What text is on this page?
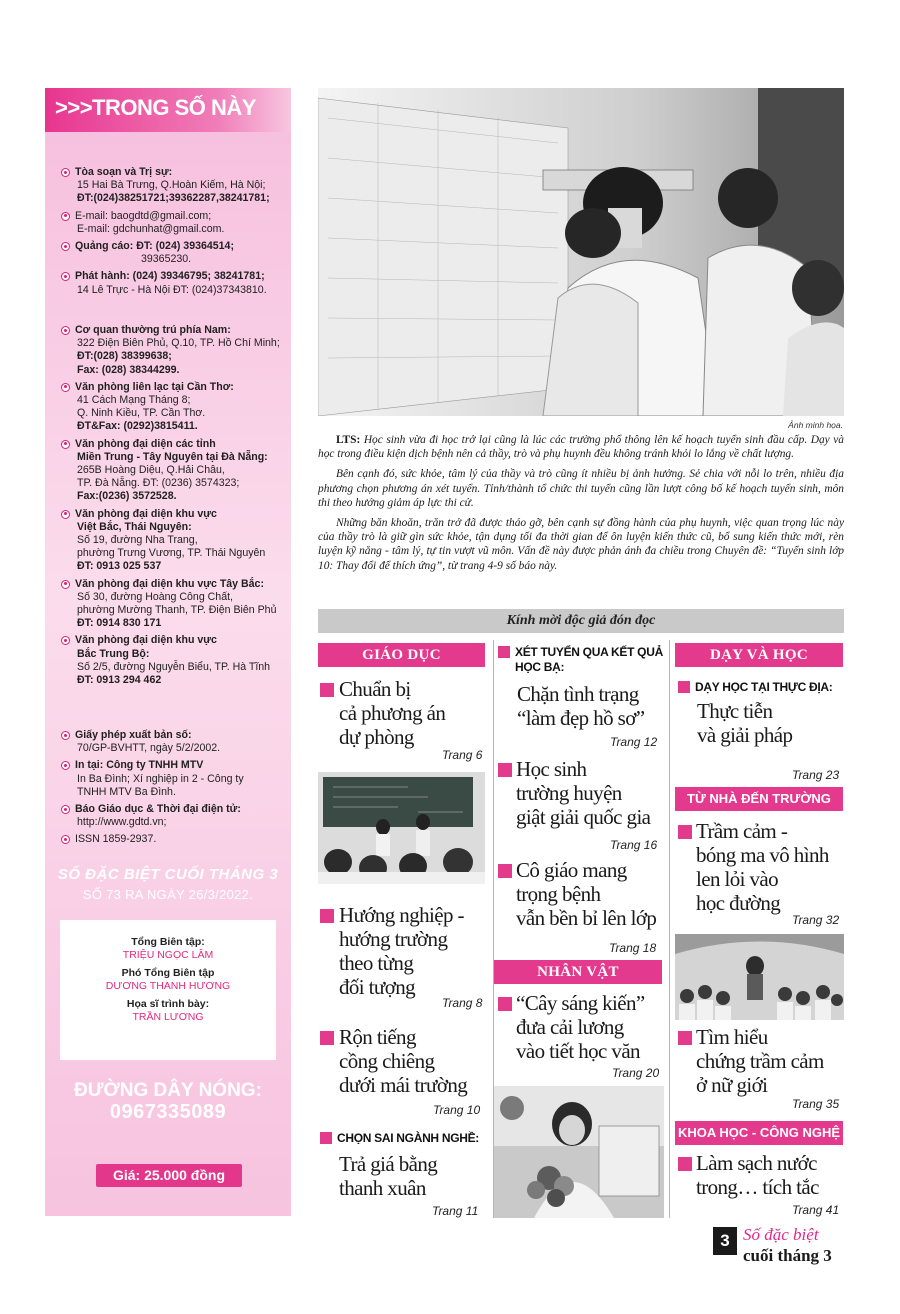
>>>TRONG SỐ NÀY
Tòa soạn và Trị sự:
15 Hai Bà Trưng, Q.Hoàn Kiếm, Hà Nội;
ĐT:(024)38251721;39362287,38241781;
E-mail: baogdtd@gmail.com;
E-mail: gdchunhat@gmail.com.
Quảng cáo: ĐT: (024) 39364514;
39365230.
Phát hành: (024) 39346795; 38241781;
14 Lê Trực - Hà Nội ĐT: (024)37343810.
Cơ quan thường trú phía Nam:
322 Điện Biên Phủ, Q.10, TP. Hồ Chí Minh;
ĐT:(028) 38399638;
Fax: (028) 38344299.
Văn phòng liên lạc tại Cần Thơ:
41 Cách Mạng Tháng 8;
Q. Ninh Kiều, TP. Cần Thơ.
ĐT&Fax: (0292)3815411.
Văn phòng đại diện các tỉnh
Miền Trung - Tây Nguyên tại Đà Nẵng:
265B Hoàng Diệu, Q.Hải Châu,
TP. Đà Nẵng. ĐT: (0236) 3574323;
Fax:(0236) 3572528.
Văn phòng đại diện khu vực
Việt Bắc, Thái Nguyên:
Số 19, đường Nha Trang,
phường Trưng Vương, TP. Thái Nguyên
ĐT: 0913 025 537
Văn phòng đại diện khu vực Tây Bắc:
Số 30, đường Hoàng Công Chất,
phường Mường Thanh, TP. Điện Biên Phủ
ĐT: 0914 830 171
Văn phòng đại diện khu vực
Bắc Trung Bộ:
Số 2/5, đường Nguyễn Biểu, TP. Hà Tĩnh
ĐT: 0913 294 462
Giấy phép xuất bản số:
70/GP-BVHTT, ngày 5/2/2002.
In tại: Công ty TNHH MTV
In Ba Đình; Xí nghiệp in 2 - Công ty
TNHH MTV Ba Đình.
Báo Giáo dục & Thời đại điện tử:
http://www.gdtd.vn;
ISSN 1859-2937.
SỐ ĐẶC BIỆT CUỐI THÁNG 3
SỐ 73 RA NGÀY 26/3/2022.
Tổng Biên tập:
TRIỆU NGỌC LÂM
Phó Tổng Biên tập
DƯƠNG THANH HƯƠNG
Họa sĩ trình bày:
TRẦN LƯƠNG
ĐƯỜNG DÂY NÓNG:
0967335089
Giá: 25.000 đồng
Ảnh minh họa.

LTS: Học sinh vừa đi học trở lại cũng là lúc các trường phổ thông lên kế hoạch tuyển sinh đầu cấp. Dạy và học trong điều kiện dịch bệnh nên cả thầy, trò và phụ huynh đều không tránh khỏi lo lắng về chất lượng.

Bên cạnh đó, sức khỏe, tâm lý của thầy và trò cũng ít nhiều bị ảnh hưởng. Sẻ chia với nỗi lo trên, nhiều địa phương chọn phương án xét tuyển. Tỉnh/thành tổ chức thi tuyển cũng lần lượt công bố kế hoạch tuyển sinh, môn thi theo hướng giảm áp lực thi cử.

Những băn khoăn, trăn trở đã được tháo gỡ, bên cạnh sự đồng hành của phụ huynh, việc quan trọng lúc này của thầy trò là giữ gìn sức khỏe, tận dụng tối đa thời gian để ôn luyện kiến thức cũ, bổ sung kiến thức mới, rèn luyện kỹ năng - tâm lý, tự tin vượt vũ môn. Vấn đề này được phản ánh đa chiều trong Chuyên đề: “Tuyển sinh lớp 10: Thay đổi để thích ứng”, từ trang 4-9 số báo này.

Kính mời độc giả đón đọc
GIÁO DỤC
Chuẩn bị
cả phương án
dự phòng
Trang 6
Hướng nghiệp -
hướng trường
theo từng
đối tượng
Trang 8
Rộn tiếng
cồng chiêng
dưới mái trường
Trang 10
CHỌN SAI NGÀNH NGHỀ:
Trả giá bằng
thanh xuân
Trang 11
XÉT TUYỂN QUA KẾT QUẢ
HỌC BẠ:
Chặn tình trạng
“làm đẹp hồ sơ”
Trang 12
Học sinh
trường huyện
giật giải quốc gia
Trang 16
Cô giáo mang
trọng bệnh
vẫn bền bỉ lên lớp
Trang 18
NHÂN VẬT
“Cây sáng kiến”
đưa cải lương
vào tiết học văn
Trang 20
DẠY VÀ HỌC
DẠY HỌC TẠI THỰC ĐỊA:
Thực tiễn
và giải pháp
Trang 23
TỪ NHÀ ĐẾN TRƯỜNG
Trầm cảm -
bóng ma vô hình
len lỏi vào
học đường
Trang 32
Tìm hiểu
chứng trầm cảm
ở nữ giới
Trang 35
KHOA HỌC - CÔNG NGHỆ
Làm sạch nước
trong… tích tắc
Trang 41
3 Số đặc biệt
cuối tháng 3
